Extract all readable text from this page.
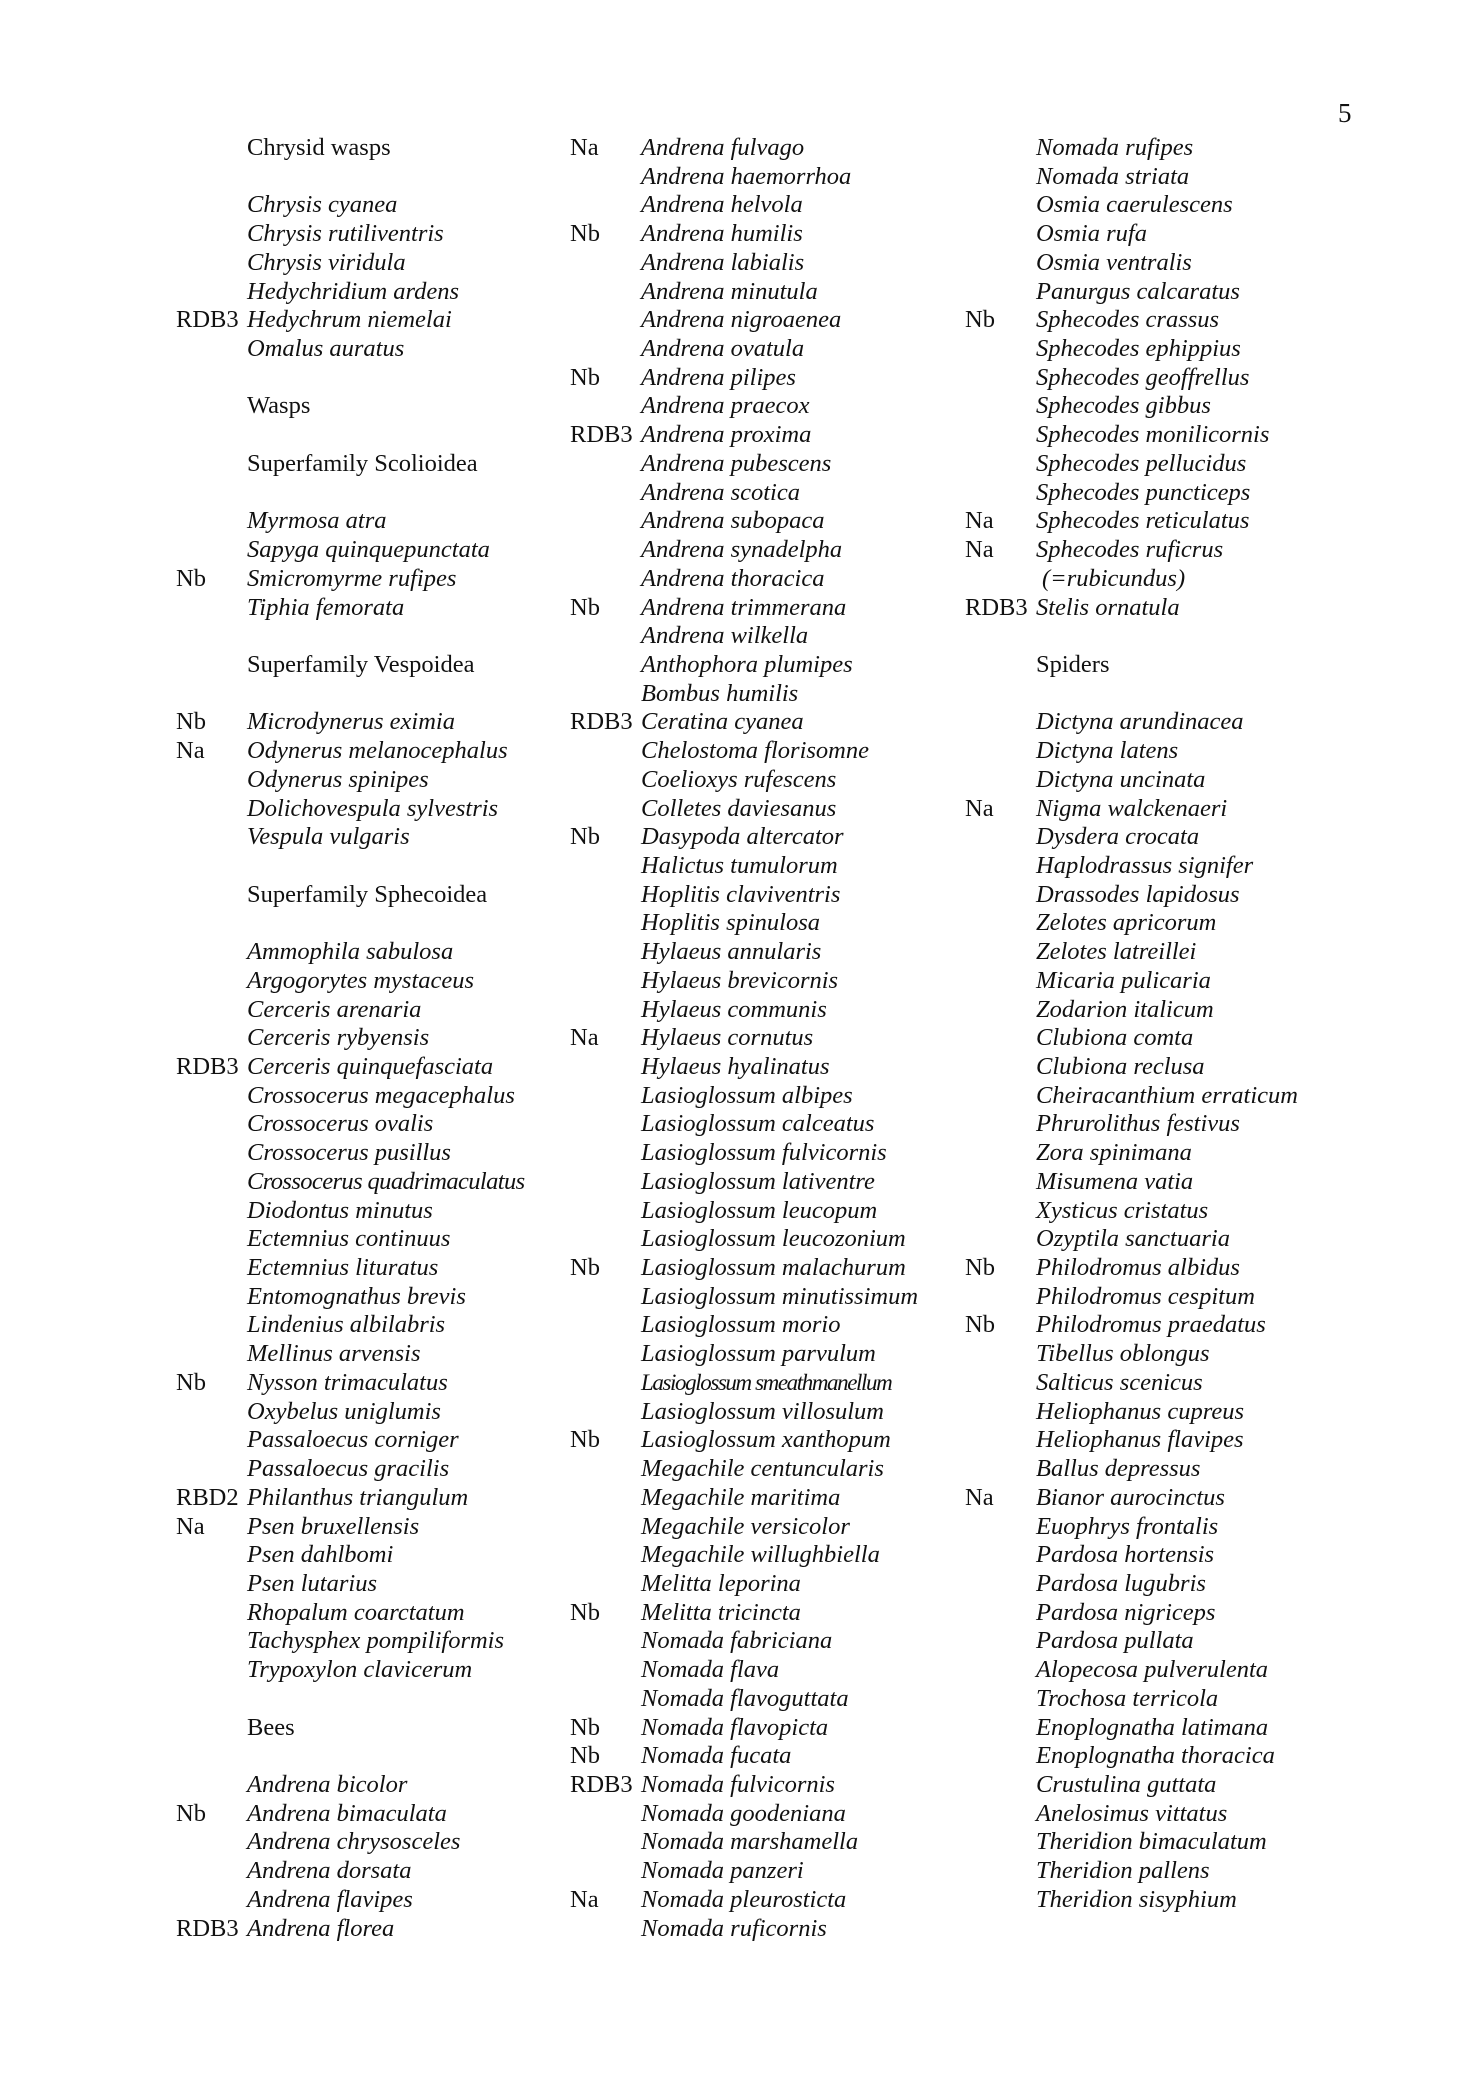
5
Chrysid wasps
Chrysis cyanea
Chrysis rutiliventris
Chrysis viridula
Hedychridium ardens
RDB3 Hedychrum niemelai
Omalus auratus
Wasps
Superfamily Scolioidea
Myrmosa atra
Sapyga quinquepunctata
Nb Smicromyrme rufipes
Tiphia femorata
Superfamily Vespoidea
Nb Microdynerus eximia
Na Odynerus melanocephalus
Odynerus spinipes
Dolichovespula sylvestris
Vespula vulgaris
Superfamily Sphecoidea
Ammophila sabulosa
Argogorytes mystaceus
Cerceris arenaria
Cerceris rybyensis
RDB3 Cerceris quinquefasciata
Crossocerus megacephalus
Crossocerus ovalis
Crossocerus pusillus
Crossocerus quadrimaculatus
Diodontus minutus
Ectemnius continuus
Ectemnius lituratus
Entomognathus brevis
Lindenius albilabris
Mellinus arvensis
Nb Nysson trimaculatus
Oxybelus uniglumis
Passaloecus corniger
Passaloecus gracilis
RBD2 Philanthus triangulum
Na Psen bruxellensis
Psen dahlbomi
Psen lutarius
Rhopalum coarctatum
Tachysphex pompiliformis
Trypoxylon clavicerum
Bees
Andrena bicolor
Nb Andrena bimaculata
Andrena chrysosceles
Andrena dorsata
Andrena flavipes
RDB3 Andrena florea
Na Andrena fulvago
Andrena haemorrhoa
Andrena helvola
Nb Andrena humilis
Andrena labialis
Andrena minutula
Andrena nigroaenea
Andrena ovatula
Nb Andrena pilipes
Andrena praecox
RDB3 Andrena proxima
Andrena pubescens
Andrena scotica
Andrena subopaca
Andrena synadelpha
Andrena thoracica
Nb Andrena trimmerana
Andrena wilkella
Anthophora plumipes
Bombus humilis
RDB3 Ceratina cyanea
Chelostoma florisomne
Coelioxys rufescens
Colletes daviesanus
Nb Dasypoda altercator
Halictus tumulorum
Hoplitis claviventris
Hoplitis spinulosa
Hylaeus annularis
Hylaeus brevicornis
Hylaeus communis
Na Hylaeus cornutus
Hylaeus hyalinatus
Lasioglossum albipes
Lasioglossum calceatus
Lasioglossum fulvicornis
Lasioglossum lativentre
Lasioglossum leucopum
Lasioglossum leucozonium
Nb Lasioglossum malachurum
Lasioglossum minutissimum
Lasioglossum morio
Lasioglossum parvulum
Lasioglossum smeathmanellum
Lasioglossum villosulum
Nb Lasioglossum xanthopum
Megachile centuncularis
Megachile maritima
Megachile versicolor
Megachile willughbiella
Melitta leporina
Nb Melitta tricincta
Nomada fabriciana
Nomada flava
Nomada flavoguttata
Nb Nomada flavopicta
Nb Nomada fucata
RDB3 Nomada fulvicornis
Nomada goodeniana
Nomada marshamella
Nomada panzeri
Na Nomada pleurosticta
Nomada ruficornis
Nomada rufipes
Nomada striata
Osmia caerulescens
Osmia rufa
Osmia ventralis
Panurgus calcaratus
Nb Sphecodes crassus
Sphecodes ephippius
Sphecodes geoffrellus
Sphecodes gibbus
Sphecodes monilicornis
Sphecodes pellucidus
Sphecodes puncticeps
Na Sphecodes reticulatus
Na Sphecodes ruficrus
(=rubicundus)
RDB3 Stelis ornatula
Spiders
Dictyna arundinacea
Dictyna latens
Dictyna uncinata
Na Nigma walckenaeri
Dysdera crocata
Haplodrassus signifer
Drassodes lapidosus
Zelotes apricorum
Zelotes latreillei
Micaria pulicaria
Zodarion italicum
Clubiona comta
Clubiona reclusa
Cheiracanthium erraticum
Phrurolithus festivus
Zora spinimana
Misumena vatia
Xysticus cristatus
Ozyptila sanctuaria
Nb Philodromus albidus
Philodromus cespitum
Nb Philodromus praedatus
Tibellus oblongus
Salticus scenicus
Heliophanus cupreus
Heliophanus flavipes
Ballus depressus
Na Bianor aurocinctus
Euophrys frontalis
Pardosa hortensis
Pardosa lugubris
Pardosa nigriceps
Pardosa pullata
Alopecosa pulverulenta
Trochosa terricola
Enoplognatha latimana
Enoplognatha thoracica
Crustulina guttata
Anelosimus vittatus
Theridion bimaculatum
Theridion pallens
Theridion sisyphium
